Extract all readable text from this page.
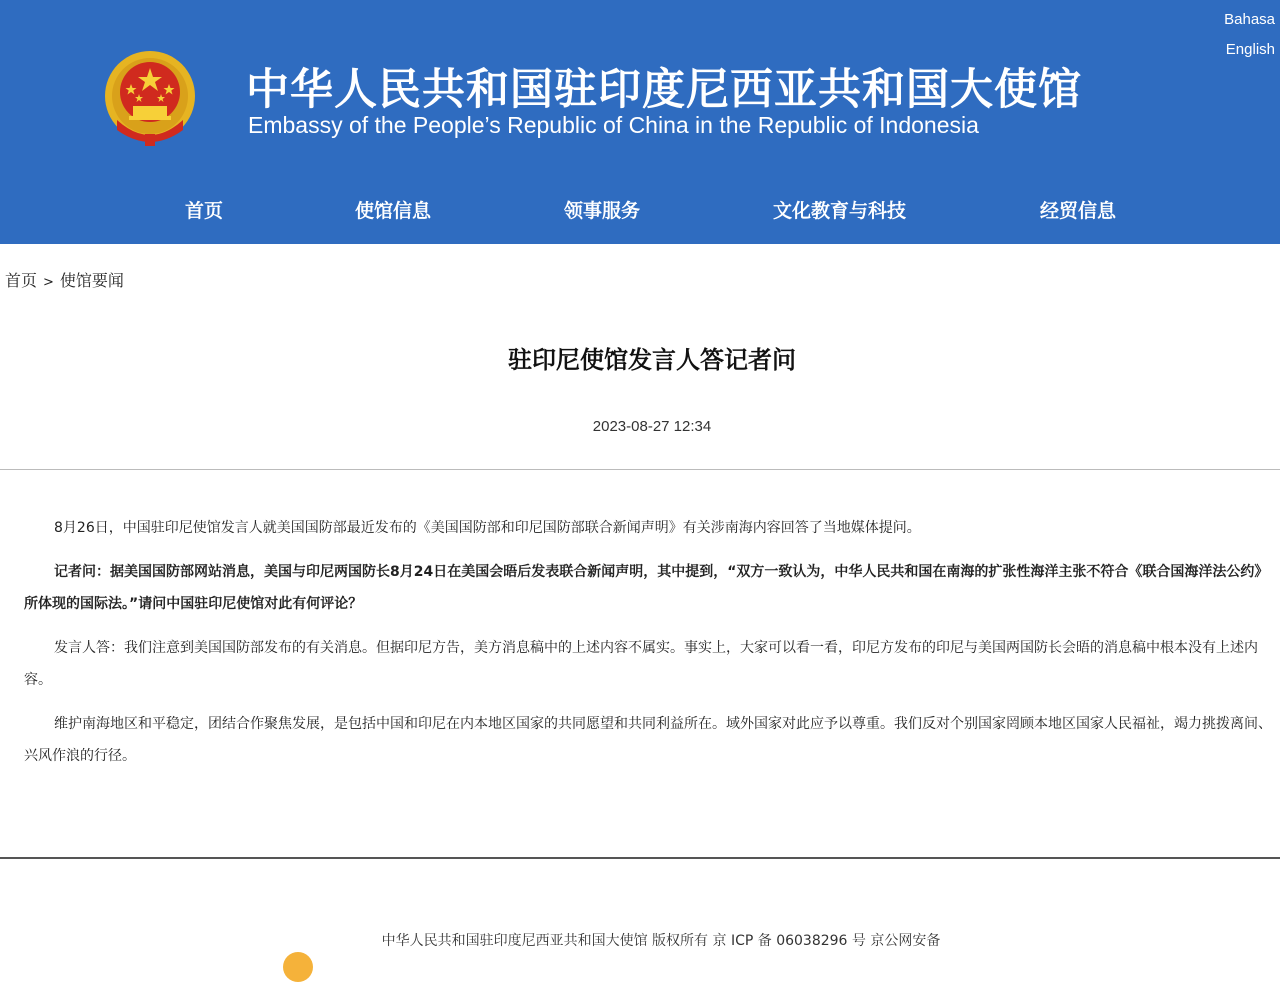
中华人民共和国驻印度尼西亚共和国大使馆
Embassy of the People’s Republic of China in the Republic of Indonesia
Bahasa
English
首页	使馆信息	领事服务	文化教育与科技	经贸信息
首页 > 使馆要闻
驻印尼使馆发言人答记者问
2023-08-27 12:34

8月26日，中国驻印尼使馆发言人就美国国防部最近发布的《美国国防部和印尼国防部联合新闻声明》有关涉南海内容回答了当地媒体提问。

记者问：据美国国防部网站消息，美国与印尼两国防长8月24日在美国会晤后发表联合新闻声明，其中提到，“双方一致认为，中华人民共和国在南海的扩张性海洋主张不符合《联合国海洋法公约》所体现的国际法。”请问中国驻印尼使馆对此有何评论？

发言人答：我们注意到美国国防部发布的有关消息。但据印尼方告，美方消息稿中的上述内容不属实。事实上，大家可以看一看，印尼方发布的印尼与美国两国防长会晤的消息稿中根本没有上述内容。

维护南海地区和平稳定，团结合作聚焦发展，是包括中国和印尼在内本地区国家的共同愿望和共同利益所在。域外国家对此应予以尊重。我们反对个别国家罔顾本地区国家人民福祉，竭力挑拨离间、兴风作浪的行径。

中华人民共和国驻印度尼西亚共和国大使馆 版权所有 京 ICP 备 06038296 号 京公网安备
